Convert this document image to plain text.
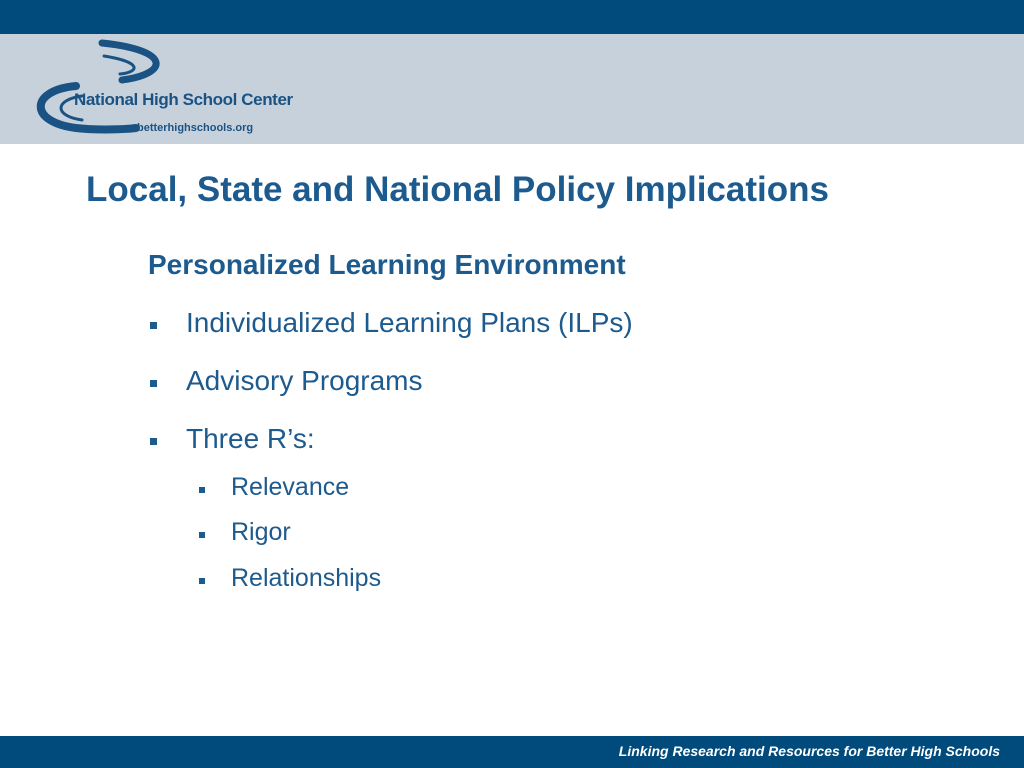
National High School Center
betterhighschools.org
Local, State and National Policy Implications
Personalized Learning Environment
Individualized Learning Plans (ILPs)
Advisory Programs
Three R’s:
Relevance
Rigor
Relationships
Linking Research and Resources for Better High Schools
